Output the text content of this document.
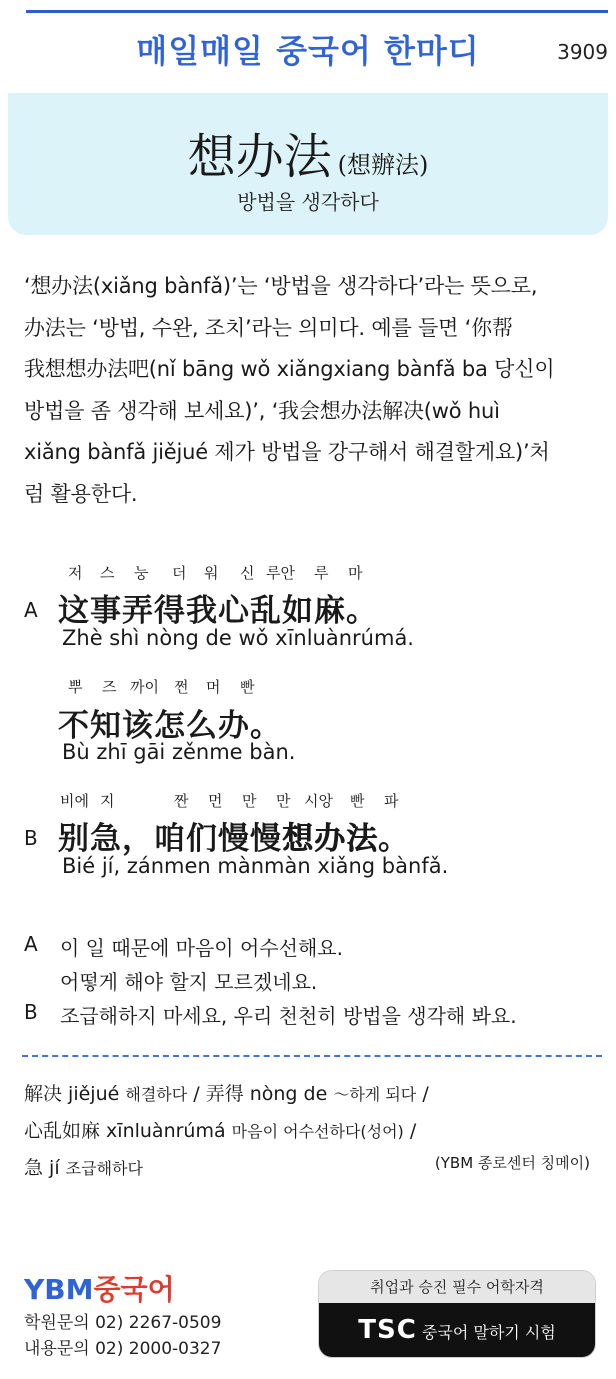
매일매일 중국어 한마디	3909
想办法 (想辦法)
방법을 생각하다
‘想办法(xiǎng bànfǎ)’는 ‘방법을 생각하다’라는 뜻으로,
办法는 ‘방법, 수완, 조치’라는 의미다. 예를 들면 ‘你帮
我想想办法吧(nǐ bāng wǒ xiǎngxiang bànfǎ ba 당신이
방법을 좀 생각해 보세요)’, ‘我会想办法解决(wǒ huì
xiǎng bànfǎ jiějué 제가 방법을 강구해서 해결할게요)’처
럼 활용한다.
저 스 눙 더 워 신 루안 루 마
A 这事弄得我心乱如麻。
Zhè shì nòng de wǒ xīnluànrúmá.
뿌 즈 까이 쩐 머 빤
不知该怎么办。
Bù zhī gāi zěnme bàn.
비에 지	짠 먼 만 만 시앙 빤 파
B 别急，咱们慢慢想办法。
Bié jí, zánmen mànmàn xiǎng bànfǎ.
A 이 일 때문에 마음이 어수선해요.
어떻게 해야 할지 모르겠네요.
B 조급해하지 마세요, 우리 천천히 방법을 생각해 봐요.
解决 jiějué 해결하다 / 弄得 nòng de ～하게 되다 /
心乱如麻 xīnluànrúmá 마음이 어수선하다(성어) /
急 jí 조급해하다	(YBM 종로센터 칭메이)
YBM중국어
학원문의 02) 2267-0509
내용문의 02) 2000-0327
취업과 승진 필수 어학자격
TSC 중국어 말하기 시험
